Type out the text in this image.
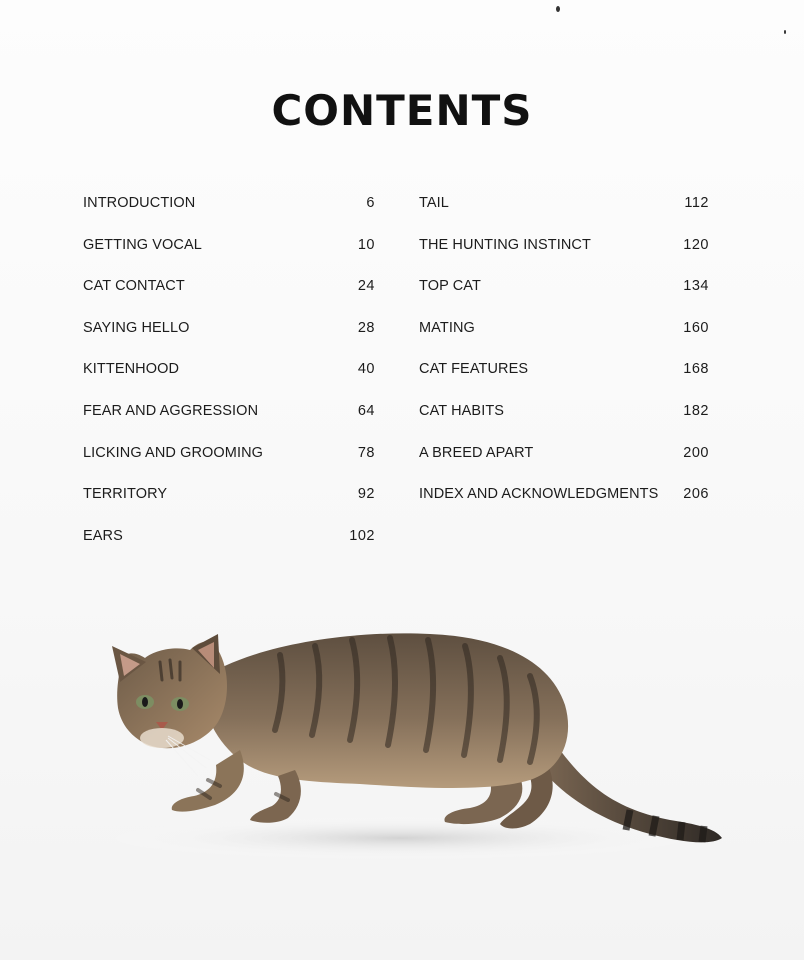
CONTENTS
INTRODUCTION	6
GETTING VOCAL	10
CAT CONTACT	24
SAYING HELLO	28
KITTENHOOD	40
FEAR AND AGGRESSION	64
LICKING AND GROOMING	78
TERRITORY	92
EARS	102
TAIL	112
THE HUNTING INSTINCT	120
TOP CAT	134
MATING	160
CAT FEATURES	168
CAT HABITS	182
A BREED APART	200
INDEX AND ACKNOWLEDGMENTS 206
